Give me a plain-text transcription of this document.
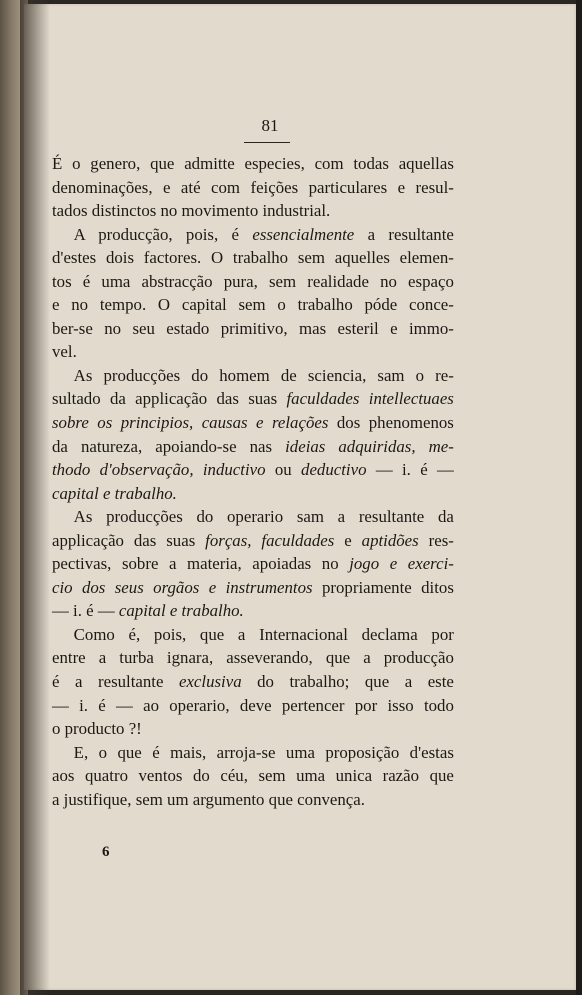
81
É o genero, que admitte especies, com todas aquellas
denominações, e até com feições particulares e resul-
tados distinctos no movimento industrial.
A producção, pois, é essencialmente a resultante
d'estes dois factores. O trabalho sem aquelles elemen-
tos é uma abstracção pura, sem realidade no espaço
e no tempo. O capital sem o trabalho póde conce-
ber-se no seu estado primitivo, mas esteril e immo-
vel.
As producções do homem de sciencia, sam o re-
sultado da applicação das suas faculdades intellectuaes
sobre os principios, causas e relações dos phenomenos
da natureza, apoiando-se nas ideias adquiridas, me-
thodo d'observação, inductivo ou deductivo — i. é —
capital e trabalho.
As producções do operario sam a resultante da
applicação das suas forças, faculdades e aptidões res-
pectivas, sobre a materia, apoiadas no jogo e exerci-
cio dos seus orgãos e instrumentos propriamente ditos
— i. é — capital e trabalho.
Como é, pois, que a Internacional declama por
entre a turba ignara, asseverando, que a producção
é a resultante exclusiva do trabalho; que a este
— i. é — ao operario, deve pertencer por isso todo
o producto ?!
E, o que é mais, arroja-se uma proposição d'estas
aos quatro ventos do céu, sem uma unica razão que
a justifique, sem um argumento que convença.
6
